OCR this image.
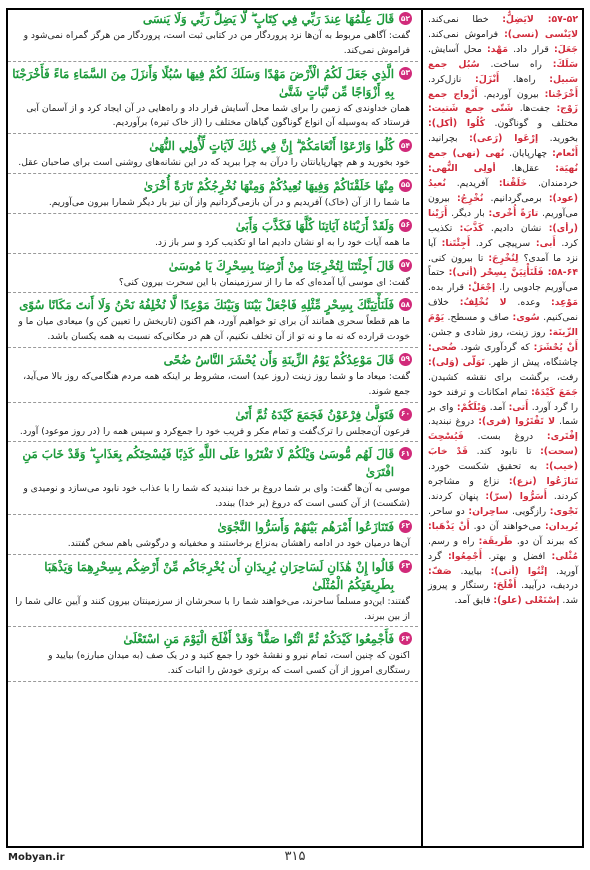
۵۲
قَالَ عِلْمُهَا عِندَ رَبِّي فِي كِتَابٍ ۖ لَّا يَضِلُّ رَبِّي وَلَا يَنسَى
گفت: آگاهی مربوط به آن‌ها نزد پروردگار من در کتابی ثبت است، پروردگار من هرگز گمراه نمی‌شود و فراموش نمی‌کند.
۵۳
الَّذِي جَعَلَ لَكُمُ الْأَرْضَ مَهْدًا وَسَلَكَ لَكُمْ فِيهَا سُبُلًا وَأَنزَلَ مِنَ السَّمَاءِ مَاءً فَأَخْرَجْنَا بِهِ أَزْوَاجًا مِّن نَّبَاتٍ شَتَّىٰ
همان خداوندی که زمین را برای شما محل آسایش قرار داد و راه‌هایی در آن ایجاد کرد و از آسمان آبی فرستاد که به‌وسیله آن انواع گوناگون گیاهان مختلف را (از خاک تیره) برآوردیم.
۵۴
كُلُوا وَارْعَوْا أَنْعَامَكُمْ ۗ إِنَّ فِي ذَٰلِكَ لَآيَاتٍ لِّأُولِي النُّهَىٰ
خود بخورید و هم چهارپایانتان را درآن به چرا ببرید که در این نشانه‌های روشنی است برای صاحبان عقل.
۵۵
مِنْهَا خَلَقْنَاكُمْ وَفِيهَا نُعِيدُكُمْ وَمِنْهَا نُخْرِجُكُمْ تَارَةً أُخْرَىٰ
ما شما را از آن (خاک) آفریدیم و در آن بازمی‌گردانیم واز آن نیز بار دیگر شمارا بیرون می‌آوریم.
۵۶
وَلَقَدْ أَرَيْنَاهُ آيَاتِنَا كُلَّهَا فَكَذَّبَ وَأَبَىٰ
ما همه آیات خود را به او نشان دادیم اما او تکذیب کرد و سر باز زد.
۵۷
قَالَ أَجِئْتَنَا لِتُخْرِجَنَا مِنْ أَرْضِنَا بِسِحْرِكَ يَا مُوسَىٰ
گفت: ای موسی آیا آمده‌ای که ما را از سرزمینمان با این سحرت بیرون کنی؟
۵۸
فَلَنَأْتِيَنَّكَ بِسِحْرٍ مِّثْلِهِ فَاجْعَلْ بَيْنَنَا وَبَيْنَكَ مَوْعِدًا لَّا نُخْلِفُهُ نَحْنُ وَلَا أَنتَ مَكَانًا سُوًى
ما هم قطعاً سحری همانند آن برای تو خواهیم آورد، هم اکنون (تاریخش را تعیین کن و) میعادی میان ما و خودت قرارده که نه ما و نه تو از آن تخلف نکنیم، آن هم در مکانی‌که نسبت به همه یکسان باشد.
۵۹
قَالَ مَوْعِدُكُمْ يَوْمُ الزِّينَةِ وَأَن يُحْشَرَ النَّاسُ ضُحًى
گفت: میعاد ما و شما روز زینت (روز عید) است، مشروط بر اینکه همه مردم هنگامی‌که روز بالا می‌آید، جمع شوند.
۶۰
فَتَوَلَّىٰ فِرْعَوْنُ فَجَمَعَ كَيْدَهُ ثُمَّ أَتَىٰ
فرعون آن‌مجلس را ترک‌گفت و تمام مکر و فریب خود را جمع‌کرد و سپس همه را (در روز موعود) آورد.
۶۱
قَالَ لَهُم مُّوسَىٰ وَيْلَكُمْ لَا تَفْتَرُوا عَلَى اللَّهِ كَذِبًا فَيُسْحِتَكُم بِعَذَابٍ ۖ وَقَدْ خَابَ مَنِ افْتَرَىٰ
موسی به آن‌ها گفت: وای بر شما دروغ بر خدا نبندید که شما را با عذاب خود نابود می‌سازد و نومیدی و (شکست) از آن کسی است که دروغ (بر خدا) ببندد.
۶۲
فَتَنَازَعُوا أَمْرَهُم بَيْنَهُمْ وَأَسَرُّوا النَّجْوَىٰ
آن‌ها درمیان خود در ادامه راهشان به‌نزاع برخاستند و مخفیانه و درگوشی باهم سخن گفتند.
۶۳
قَالُوا إِنْ هَٰذَانِ لَسَاحِرَانِ يُرِيدَانِ أَن يُخْرِجَاكُم مِّنْ أَرْضِكُم بِسِحْرِهِمَا وَيَذْهَبَا بِطَرِيقَتِكُمُ الْمُثْلَىٰ
گفتند: این‌دو مسلماً ساحرند، می‌خواهند شما را با سحرشان از سرزمینتان بیرون کنند و آیین عالی شما را از بین ببرند.
۶۴
فَأَجْمِعُوا كَيْدَكُمْ ثُمَّ ائْتُوا صَفًّا ۚ وَقَدْ أَفْلَحَ الْيَوْمَ مَنِ اسْتَعْلَىٰ
اکنون که چنین است، تمام نیرو و نقشهٔ خود را جمع کنید و در یک صف (به میدان مبارزه) بیایید و رستگاری امروز از آن کسی است که برتری خودش را اثبات کند.
۵۷-۵۲: لایَضِلُّ: خطا نمی‌کند. لایَنْسی (نسی): فراموش نمی‌کند. جَعَلَ: قرار داد. مَهْد: محل آسایش. سَلَكَ: راه ساخت. سُبُل جمع سَبیل: راه‌ها. أَنْزَلَ: نازل‌کرد. أَخْرَجْنا: بیرون آوردیم. أَزْواج جمع زَوْج: جفت‌ها. شَتّی جمع شَتیت: مختلف و گوناگون. کُلُوا (أکل): بخورید. إرْعَوا (رَعی): بچرانید. أَنْعام: چهارپایان. نُهی (نهی) جمع نُهیَة: عقل‌ها. أولِی النُّهی: خردمندان. خَلَقْنا: آفریدیم. نُعیدُ (عود): برمی‌گردانیم. نُخْرِجُ: بیرون می‌آوریم. تارَةً أُخْری: بار دیگر. أَرَیْنا (رأی): نشان دادیم. کَذَّبَ: تکذیب کرد. أَبی: سرپیچی کرد. أَجِئْتَنا: آیا نزد ما آمدی؟ لِتُخْرِجَ: تا بیرون کنی. ۶۴-۵۸: فَلَنَأْتِیَنَّ بِسِحْر (أتی): حتماً می‌آوریم جادویی را. إجْعَلْ: قرار بده. مَوْعِد: وعده. لا نُخْلِفُ: خلاف نمی‌کنیم. سُوی: صاف و مسطح. یَوْمَ الزّینَة: روز زینت، روز شادی و جشن. أَنْ یُحْشَرَ: که گردآوری شود. ضُحی: چاشتگاه، پیش از ظهر. تَوَلّی (وَلی): رفت، برگشت برای نقشه کشیدن. جَمَعَ کَیْدَهُ: تمام امکانات و ترفند خود را گرد آورد. أَتی: آمد. وَیْلَکُمْ: وای بر شما. لا تَفْتَرُوا (فری): دروغ نبندید. إفْتَری: دروغ بست. فَیُسْحِتَ (سحت): تا نابود کند. قَدْ خابَ (خیب): به تحقیق شکست خورد. تَنازَعُوا (نزع): نزاع و مشاجره کردند. أَسَرُّوا (سرّ): پنهان کردند. نَجْوی: رازگویی. ساحِران: دو ساحر. یُریدان: می‌خواهند آن دو. أَنْ یَذْهَبا: که ببرند آن دو. طَریقَة: راه و رسم. مُثْلی: افضل و بهتر. أَجْمِعُوا: گرد آورید. إئْتُوا (أتی): بیایید. صَفّ: دردیف، درآیید. أَفْلَحَ: رستگار و پیروز شد. إسْتَعْلی (علو): فایق آمد.
Mobyan.ir	۳۱۵
